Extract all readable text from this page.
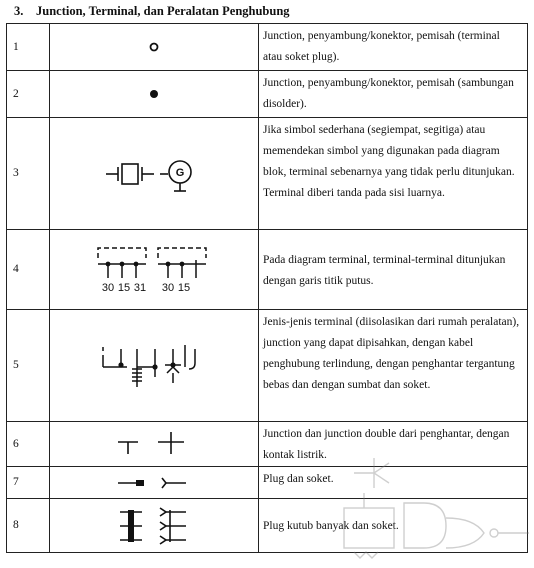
3. Junction, Terminal, dan Peralatan Penghubung
1		Junction, penyambung/konektor, pemisah (terminal atau soket plug).
2		Junction, penyambung/konektor, pemisah (sambungan disolder).
3	G	Jika simbol sederhana (segiempat, segitiga) atau memendekan simbol yang digunakan pada diagram blok, terminal sebenarnya yang tidak perlu ditunjukan. Terminal diberi tanda pada sisi luarnya.
4	30 15 31 30 15	Pada diagram terminal, terminal-terminal ditunjukan dengan garis titik putus.
5		Jenis-jenis terminal (diisolasikan dari rumah peralatan), junction yang dapat dipisahkan, dengan kabel penghubung terlindung, dengan penghantar tergantung bebas dan dengan sumbat dan soket.
6		Junction dan junction double dari penghantar, dengan kontak listrik.
7		Plug dan soket.
8		Plug kutub banyak dan soket.
